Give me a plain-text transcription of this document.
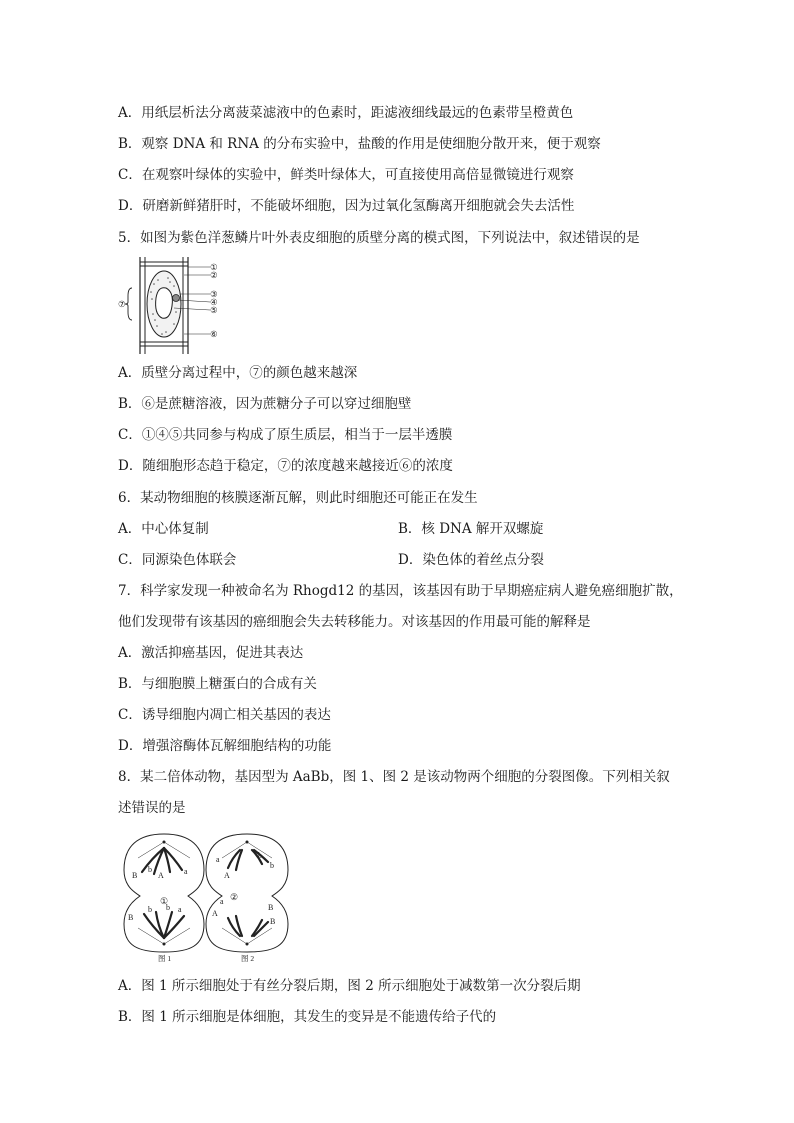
A．用纸层析法分离菠菜滤液中的色素时，距滤液细线最远的色素带呈橙黄色
B．观察 DNA 和 RNA 的分布实验中，盐酸的作用是使细胞分散开来，便于观察
C．在观察叶绿体的实验中，鲜类叶绿体大，可直接使用高倍显微镜进行观察
D．研磨新鲜猪肝时，不能破坏细胞，因为过氧化氢酶离开细胞就会失去活性
5．如图为紫色洋葱鳞片叶外表皮细胞的质壁分离的模式图，下列说法中，叙述错误的是
①
②
③
④
⑤
⑥
⑦
A．质壁分离过程中，⑦的颜色越来越深
B．⑥是蔗糖溶液，因为蔗糖分子可以穿过细胞壁
C．①④⑤共同参与构成了原生质层，相当于一层半透膜
D．随细胞形态趋于稳定，⑦的浓度越来越接近⑥的浓度
6．某动物细胞的核膜逐渐瓦解，则此时细胞还可能正在发生
A．中心体复制	B．核 DNA 解开双螺旋
C．同源染色体联会	D．染色体的着丝点分裂
7．科学家发现一种被命名为 Rhogd12 的基因，该基因有助于早期癌症病人避免癌细胞扩散，
他们发现带有该基因的癌细胞会失去转移能力。对该基因的作用最可能的解释是
A．激活抑癌基因，促进其表达
B．与细胞膜上糖蛋白的合成有关
C．诱导细胞内凋亡相关基因的表达
D．增强溶酶体瓦解细胞结构的功能
8．某二倍体动物，基因型为 AaBb，图 1、图 2 是该动物两个细胞的分裂图像。下列相关叙
述错误的是
A
B
b	a
①
b
B
a
b
图 1
a
A
b
b
a ②
A
B
B
图 2
A．图 1 所示细胞处于有丝分裂后期，图 2 所示细胞处于减数第一次分裂后期
B．图 1 所示细胞是体细胞，其发生的变异是不能遗传给子代的
